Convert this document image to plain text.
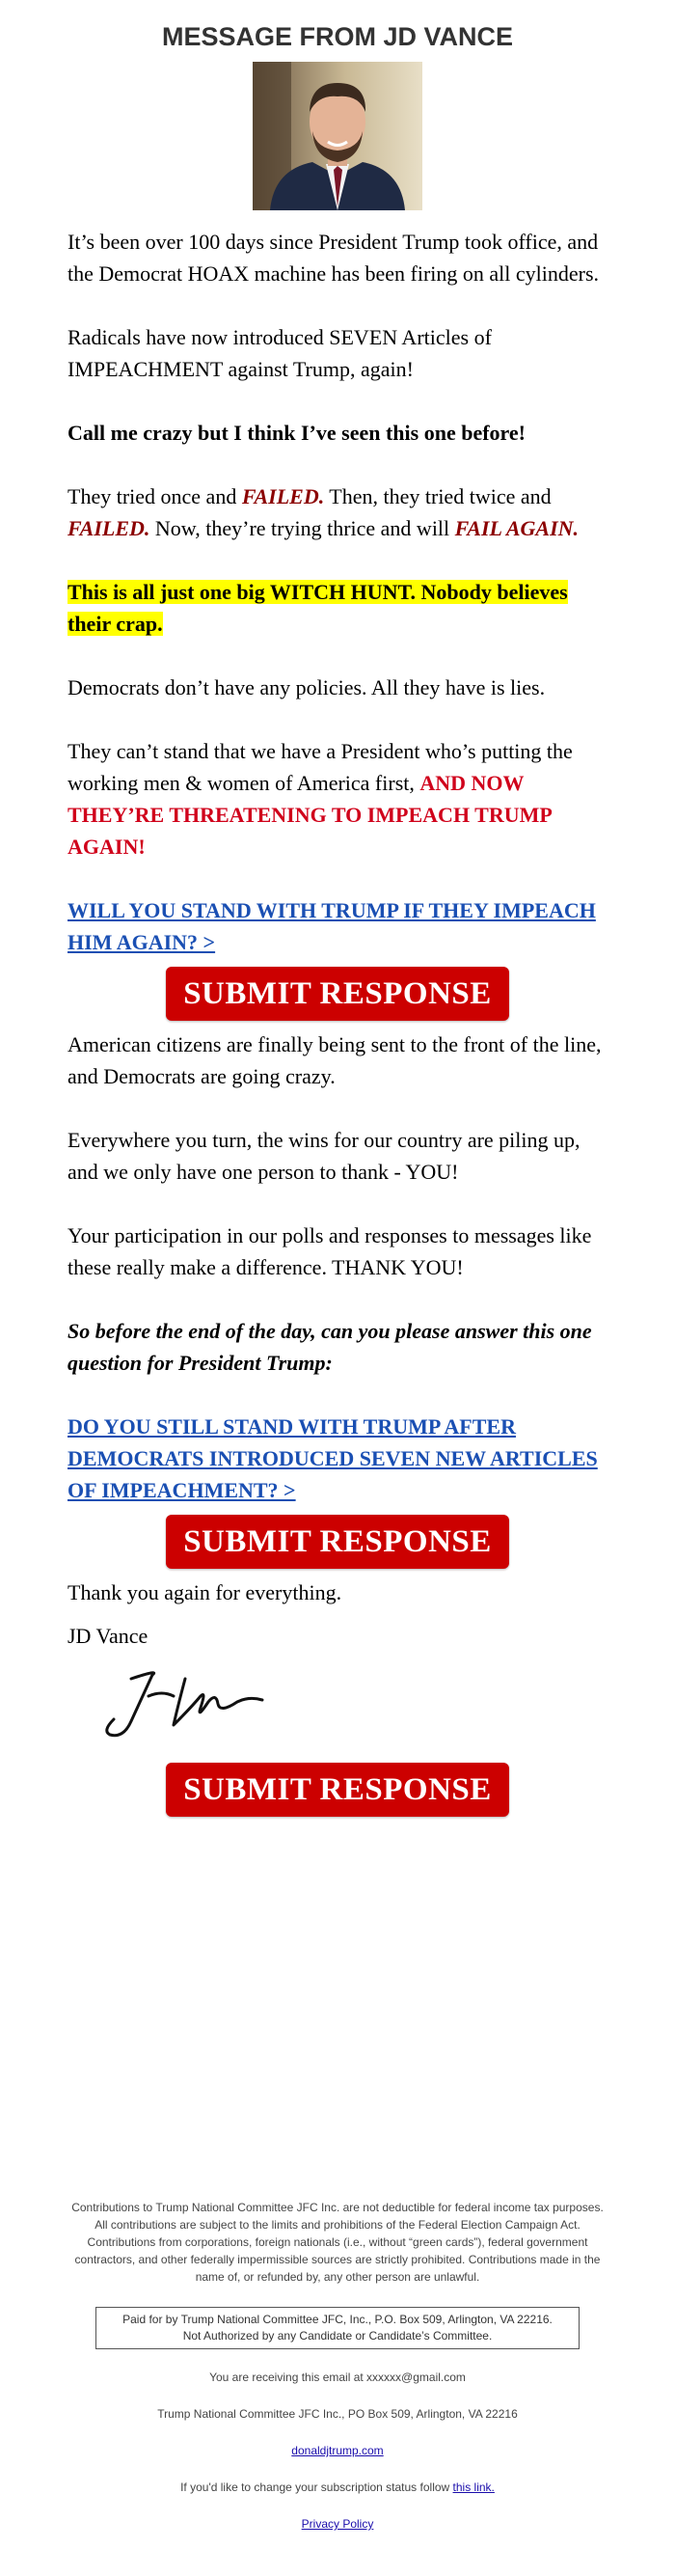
MESSAGE FROM JD VANCE

It’s been over 100 days since President Trump took office, and the Democrat HOAX machine has been firing on all cylinders.

Radicals have now introduced SEVEN Articles of IMPEACHMENT against Trump, again!

Call me crazy but I think I’ve seen this one before!

They tried once and FAILED. Then, they tried twice and FAILED. Now, they’re trying thrice and will FAIL AGAIN.

This is all just one big WITCH HUNT. Nobody believes their crap.

Democrats don’t have any policies. All they have is lies.

They can’t stand that we have a President who’s putting the working men & women of America first, AND NOW THEY’RE THREATENING TO IMPEACH TRUMP AGAIN!

WILL YOU STAND WITH TRUMP IF THEY IMPEACH HIM AGAIN? >

SUBMIT RESPONSE

American citizens are finally being sent to the front of the line, and Democrats are going crazy.

Everywhere you turn, the wins for our country are piling up, and we only have one person to thank - YOU!

Your participation in our polls and responses to messages like these really make a difference. THANK YOU!

So before the end of the day, can you please answer this one question for President Trump:

DO YOU STILL STAND WITH TRUMP AFTER DEMOCRATS INTRODUCED SEVEN NEW ARTICLES OF IMPEACHMENT? >

SUBMIT RESPONSE

Thank you again for everything.

JD Vance

SUBMIT RESPONSE
Contributions to Trump National Committee JFC Inc. are not deductible for federal income tax purposes. All contributions are subject to the limits and prohibitions of the Federal Election Campaign Act. Contributions from corporations, foreign nationals (i.e., without “green cards”), federal government contractors, and other federally impermissible sources are strictly prohibited. Contributions made in the name of, or refunded by, any other person are unlawful.
Paid for by Trump National Committee JFC, Inc., P.O. Box 509, Arlington, VA 22216.
Not Authorized by any Candidate or Candidate’s Committee.
You are receiving this email at xxxxxx@gmail.com
Trump National Committee JFC Inc., PO Box 509, Arlington, VA 22216
donaldjtrump.com
If you'd like to change your subscription status follow this link.
Privacy Policy
